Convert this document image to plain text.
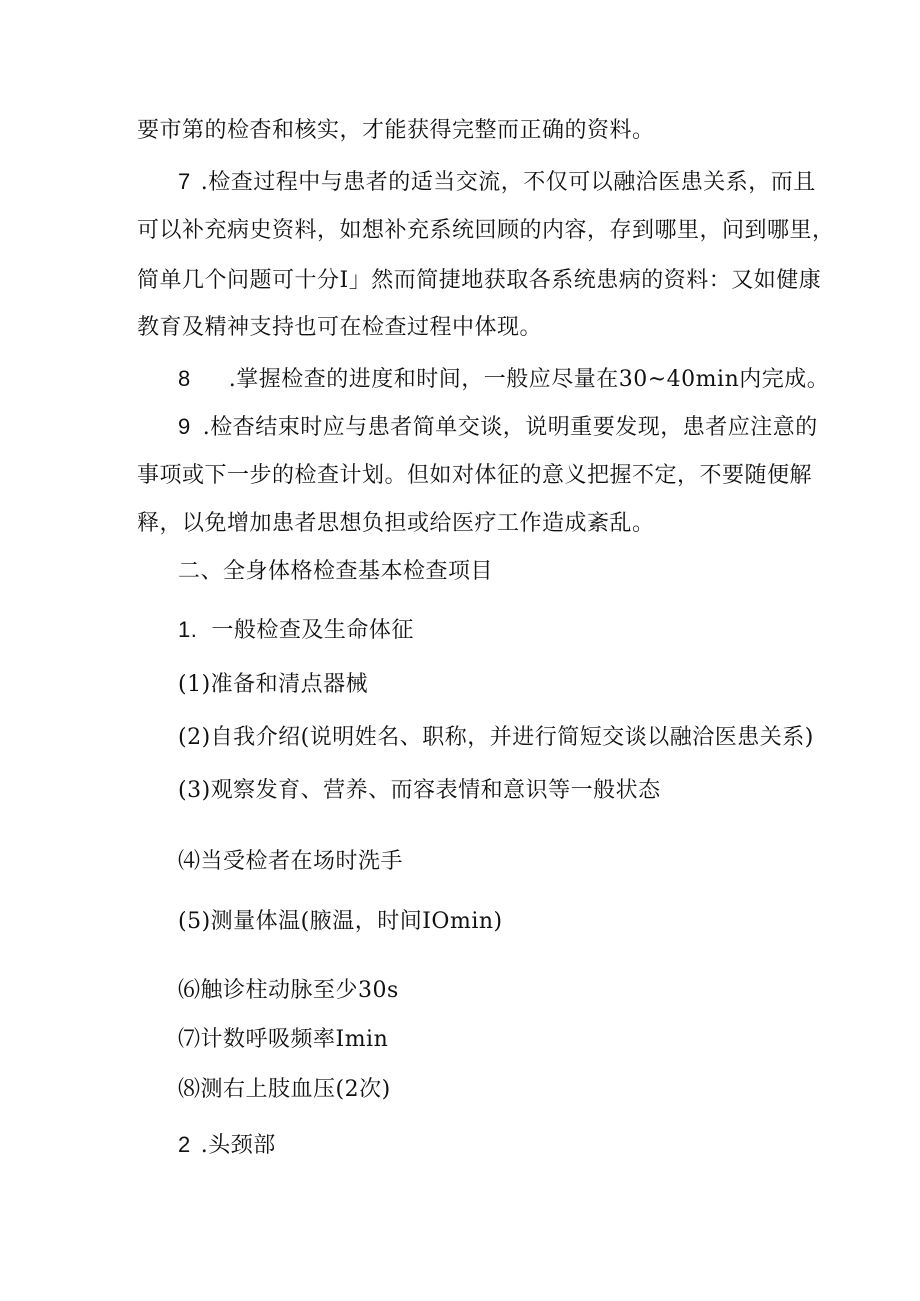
要市第的检杳和核实，才能获得完整而正确的资料。
7 .检查过程中与患者的适当交流，不仅可以融洽医患关系，而且
可以补充病史资料，如想补充系统回顾的内容，存到哪里，问到哪里，
简单几个问题可十分I」然而简捷地获取各系统患病的资料：又如健康
教育及精神支持也可在检查过程中体现。
8 .掌握检查的进度和时间，一般应尽量在30~40min内完成。
9 .检杳结束时应与患者简单交谈，说明重要发现，患者应注意的
事项或下一步的检查计划。但如对体征的意义把握不定，不要随便解
释，以免增加患者思想负担或给医疗工作造成紊乱。
二、全身体格检查基本检查项目
1. 一般检查及生命体征
(1)准备和清点器械
(2)自我介绍(说明姓名、职称，并进行简短交谈以融洽医患关系)
(3)观察发育、营养、而容表情和意识等一般状态
⑷当受检者在场时洗手
(5)测量体温(腋温，时间IOmin)
⑹触诊柱动脉至少30s
⑺计数呼吸频率Imin
⑻测右上肢血压(2次)
2 .头颈部
